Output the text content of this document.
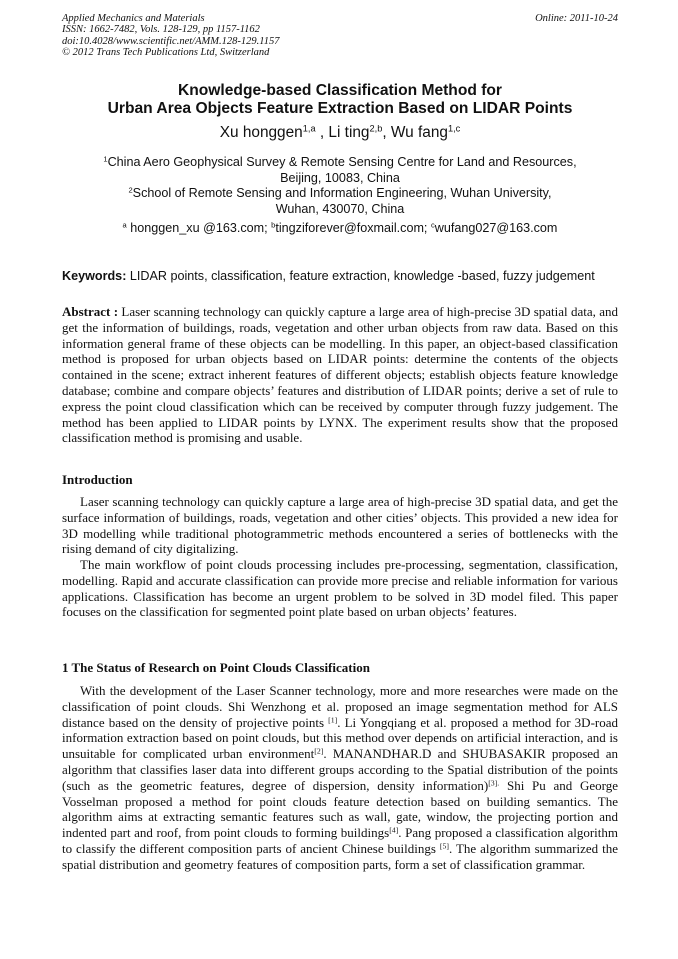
Applied Mechanics and Materials	Online: 2011-10-24
ISSN: 1662-7482, Vols. 128-129, pp 1157-1162
doi:10.4028/www.scientific.net/AMM.128-129.1157
© 2012 Trans Tech Publications Ltd, Switzerland
Knowledge-based Classification Method for
Urban Area Objects Feature Extraction Based on LIDAR Points
Xu honggen$^{1,a}$ , Li ting$^{2,b}$, Wu fang$^{1,c}$
$^1$China Aero Geophysical Survey & Remote Sensing Centre for Land and Resources,
Beijing, 10083, China
$^2$School of Remote Sensing and Information Engineering, Wuhan University,
Wuhan, 430070, China
$^a$ honggen_xu @163.com; $^b$tingziforever@foxmail.com; $^c$wufang027@163.com
Keywords: LIDAR points, classification, feature extraction, knowledge -based, fuzzy judgement

Abstract : Laser scanning technology can quickly capture a large area of high-precise 3D spatial data, and get the information of buildings, roads, vegetation and other urban objects from raw data. Based on this information general frame of these objects can be modelling. In this paper, an object-based classification method is proposed for urban objects based on LIDAR points: determine the contents of the objects contained in the scene; extract inherent features of different objects; establish objects feature knowledge database; combine and compare objects’ features and distribution of LIDAR points; derive a set of rule to express the point cloud classification which can be received by computer through fuzzy judgement. The method has been applied to LIDAR points by LYNX. The experiment results show that the proposed classification method is promising and usable.

Introduction

Laser scanning technology can quickly capture a large area of high-precise 3D spatial data, and get the surface information of buildings, roads, vegetation and other cities’ objects. This provided a new idea for 3D modelling while traditional photogrammetric methods encountered a series of bottlenecks with the rising demand of city digitalizing.

The main workflow of point clouds processing includes pre-processing, segmentation, classification, modelling. Rapid and accurate classification can provide more precise and reliable information for various applications. Classification has become an urgent problem to be solved in 3D model filed. This paper focuses on the classification for segmented point plate based on urban objects’ features.

1 The Status of Research on Point Clouds Classification

With the development of the Laser Scanner technology, more and more researches were made on the classification of point clouds. Shi Wenzhong et al. proposed an image segmentation method for ALS distance based on the density of projective points [1]. Li Yongqiang et al. proposed a method for 3D-road information extraction based on point clouds, but this method over depends on artificial interaction, and is unsuitable for complicated urban environment[2]. MANANDHAR.D and SHUBASAKIR proposed an algorithm that classifies laser data into different groups according to the Spatial distribution of the points (such as the geometric features, degree of dispersion, density information)$^{[3].}$ Shi Pu and George Vosselman proposed a method for point clouds feature detection based on building semantics. The algorithm aims at extracting semantic features such as wall, gate, window, the projecting portion and indented part and roof, from point clouds to forming buildings[4]. Pang proposed a classification algorithm to classify the different composition parts of ancient Chinese buildings [5]. The algorithm summarized the spatial distribution and geometry features of composition parts, form a set of classification grammar.
